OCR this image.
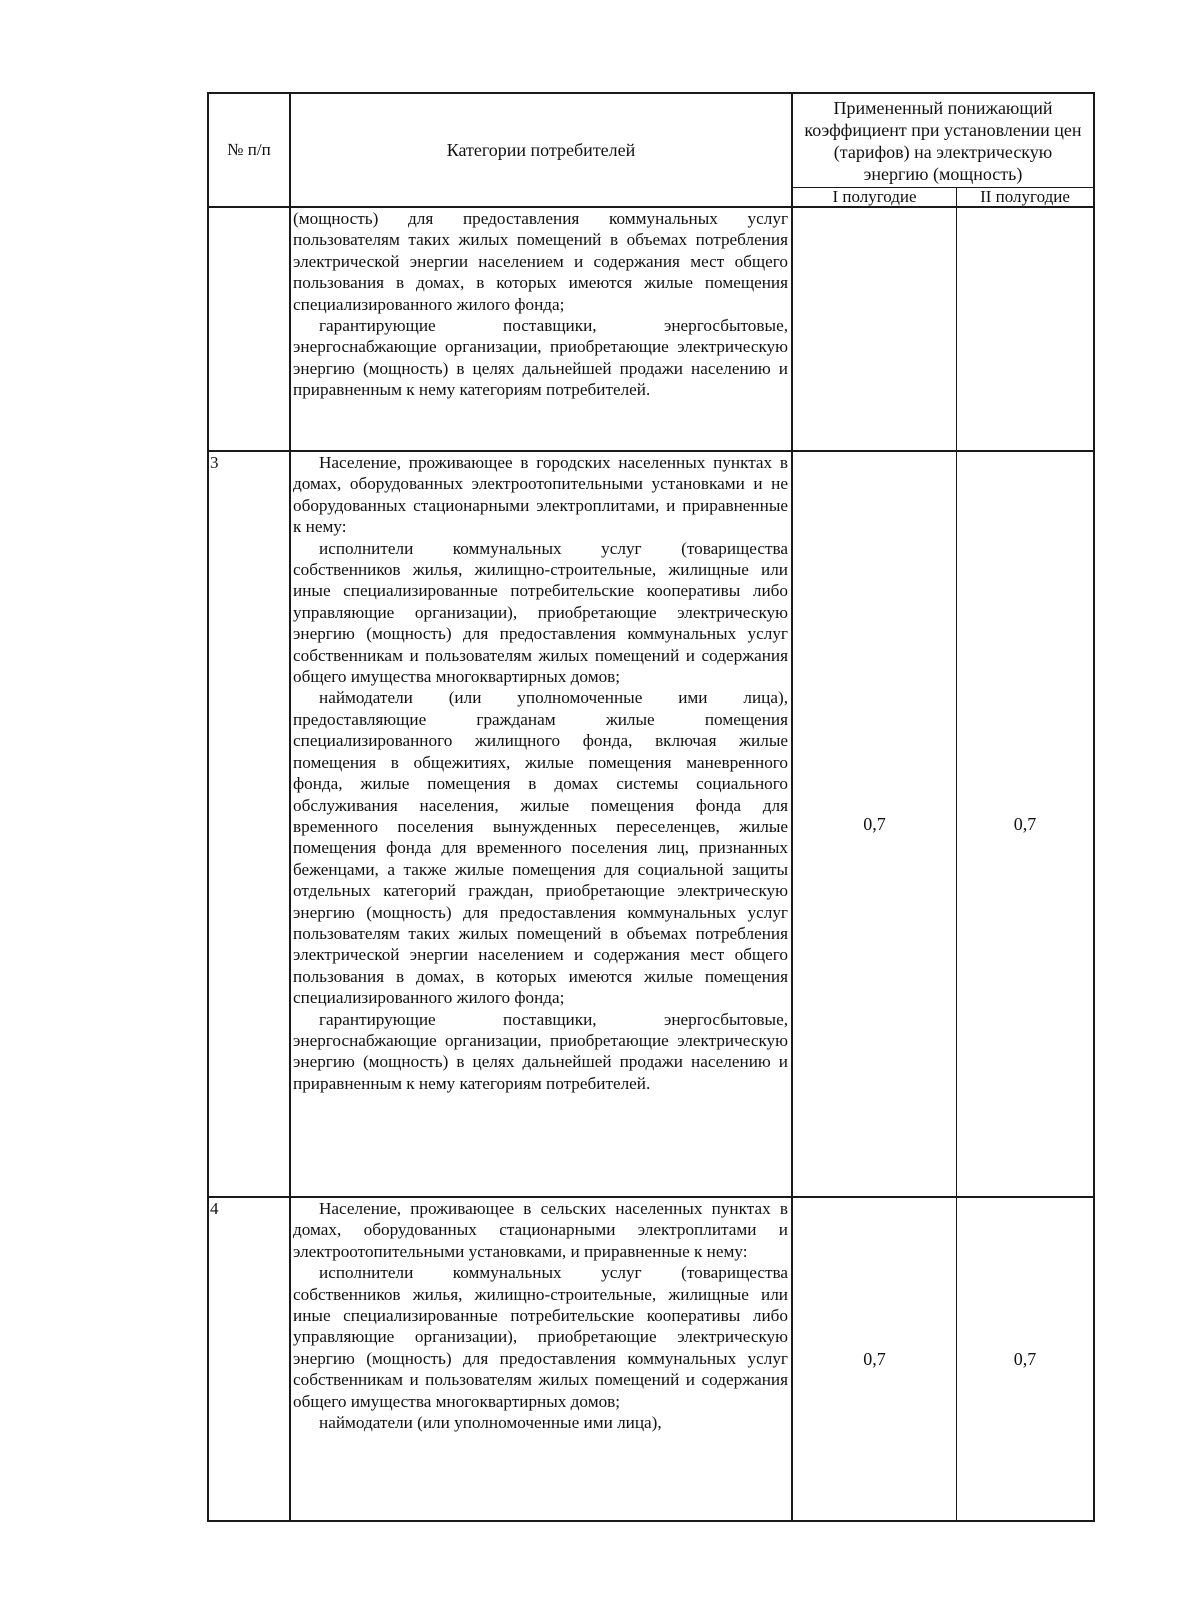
№ п/п	Категории потребителей
Примененный понижающий коэффициент при установлении цен (тарифов) на электрическую энергию (мощность)
I полугодие	II полугодие

(мощность) для предоставления коммунальных услуг пользователям таких жилых помещений в объемах потребления электрической энергии населением и содержания мест общего пользования в домах, в которых имеются жилые помещения специализированного жилого фонда;

гарантирующие поставщики, энергосбытовые, энергоснабжающие организации, приобретающие электрическую энергию (мощность) в целях дальнейшей продажи населению и приравненным к нему категориям потребителей.

3	Население, проживающее в городских населенных пунктах в домах, оборудованных электроотопительными установками и не оборудованных стационарными электроплитами, и приравненные к нему:

исполнители коммунальных услуг (товарищества собственников жилья, жилищно-строительные, жилищные или иные специализированные потребительские кооперативы либо управляющие организации), приобретающие электрическую энергию (мощность) для предоставления коммунальных услуг собственникам и пользователям жилых помещений и содержания общего имущества многоквартирных домов;

наймодатели (или уполномоченные ими лица), предоставляющие гражданам жилые помещения специализированного жилищного фонда, включая жилые помещения в общежитиях, жилые помещения маневренного фонда, жилые помещения в домах системы социального обслуживания населения, жилые помещения фонда для временного поселения вынужденных переселенцев, жилые помещения фонда для временного поселения лиц, признанных беженцами, а также жилые помещения для социальной защиты отдельных категорий граждан, приобретающие электрическую энергию (мощность) для предоставления коммунальных услуг пользователям таких жилых помещений в объемах потребления электрической энергии населением и содержания мест общего пользования в домах, в которых имеются жилые помещения специализированного жилого фонда;

гарантирующие поставщики, энергосбытовые, энергоснабжающие организации, приобретающие электрическую энергию (мощность) в целях дальнейшей продажи населению и приравненным к нему категориям потребителей.

0,7	0,7
4	Население, проживающее в сельских населенных пунктах в домах, оборудованных стационарными электроплитами и электроотопительными установками, и приравненные к нему:

исполнители коммунальных услуг (товарищества собственников жилья, жилищно-строительные, жилищные или иные специализированные потребительские кооперативы либо управляющие организации), приобретающие электрическую энергию (мощность) для предоставления коммунальных услуг собственникам и пользователям жилых помещений и содержания общего имущества многоквартирных домов;

наймодатели (или уполномоченные ими лица),

0,7	0,7
